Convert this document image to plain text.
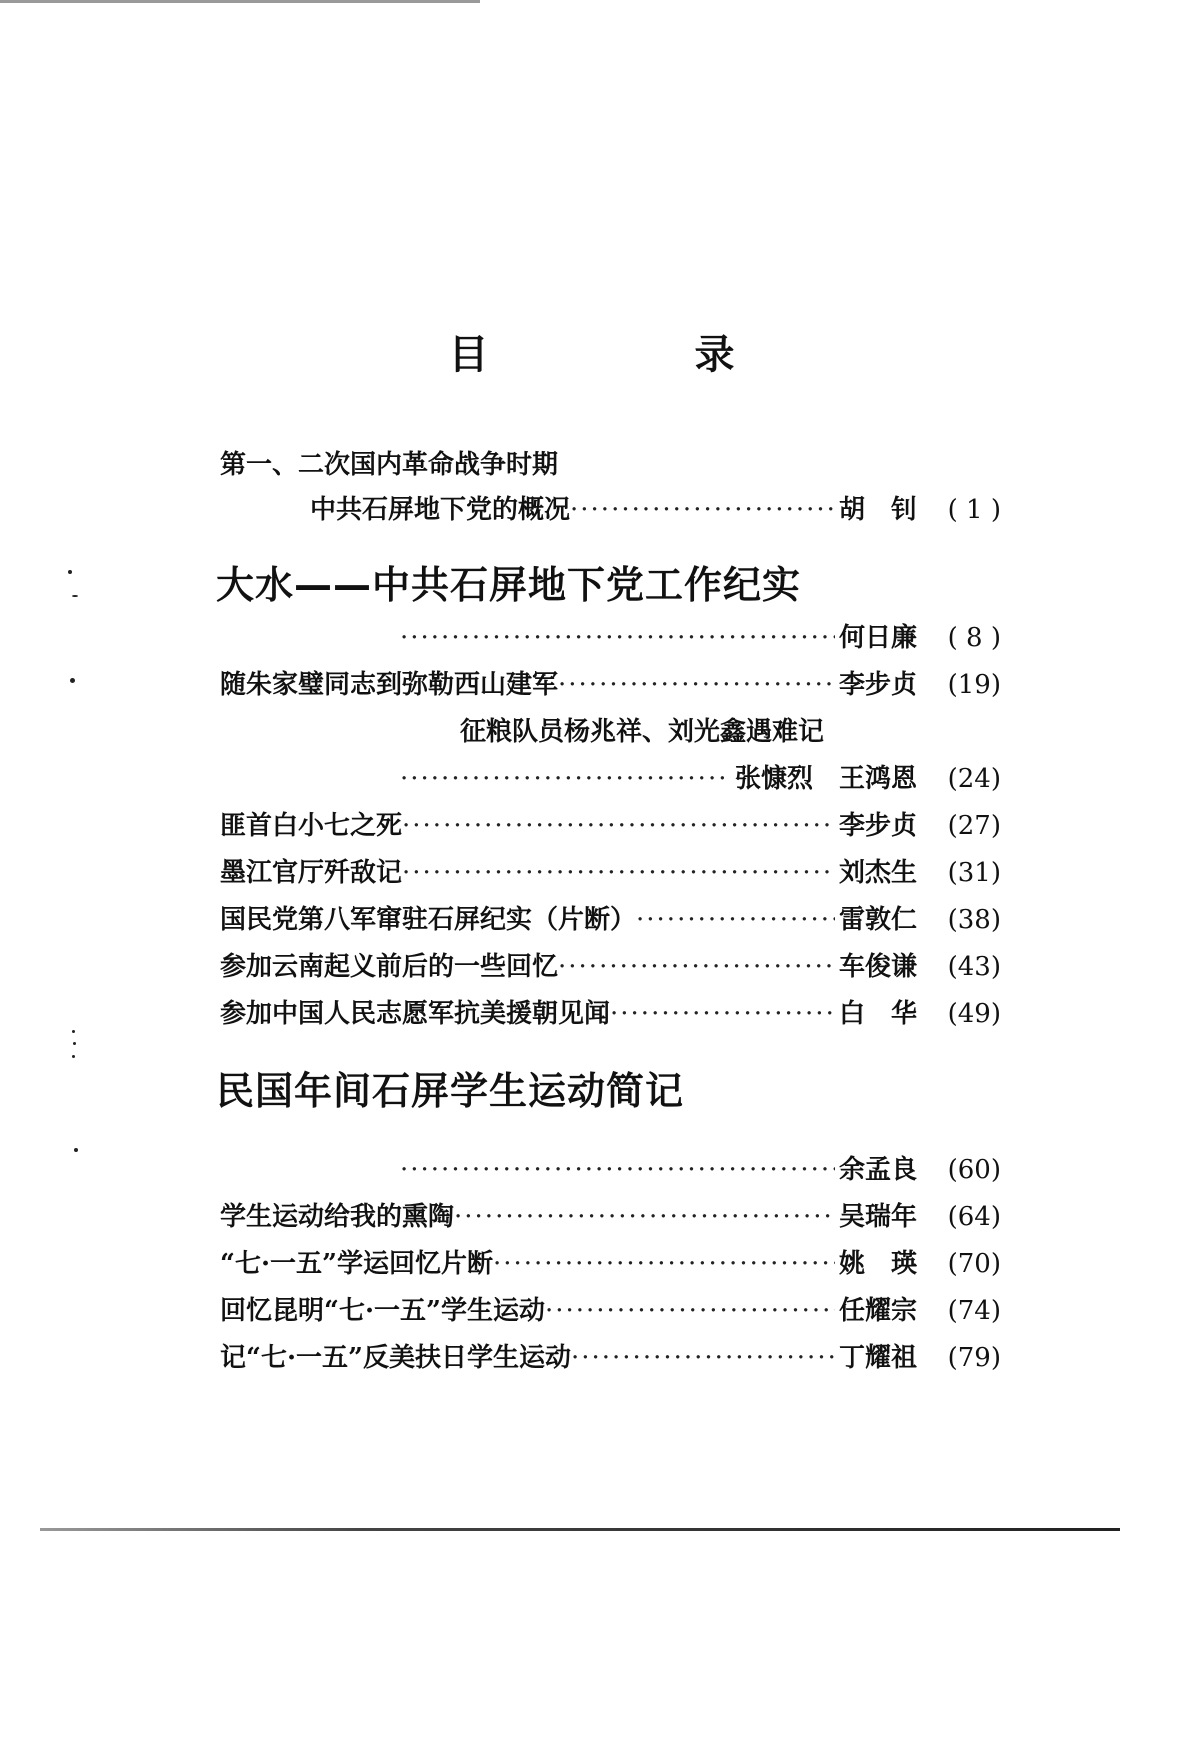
目 录
第一、二次国内革命战争时期
中共石屏地下党的概况 ·····	胡　钊	( 1 )
大水——中共石屏地下党工作纪实
·····
何日廉	( 8 )
随朱家璧同志到弥勒西山建军 ·····	李步贞	(19)
征粮队员杨兆祥、刘光鑫遇难记
·····
张慷烈　王鸿恩	(24)
匪首白小七之死 ·····	李步贞	(27)
墨江官厅歼敌记 ·····	刘杰生	(31)
国民党第八军窜驻石屏纪实（片断） ·····	雷敦仁	(38)
参加云南起义前后的一些回忆 ·····	车俊谦	(43)
参加中国人民志愿军抗美援朝见闻 ·····	白　华	(49)
民国年间石屏学生运动简记
·····
余孟良	(60)
学生运动给我的熏陶 ·····	吴瑞年	(64)
“七·一五”学运回忆片断 ·····	姚　瑛	(70)
回忆昆明“七·一五”学生运动 ·····	任耀宗	(74)
记“七·一五”反美扶日学生运动 ·····	丁耀祖	(79)
